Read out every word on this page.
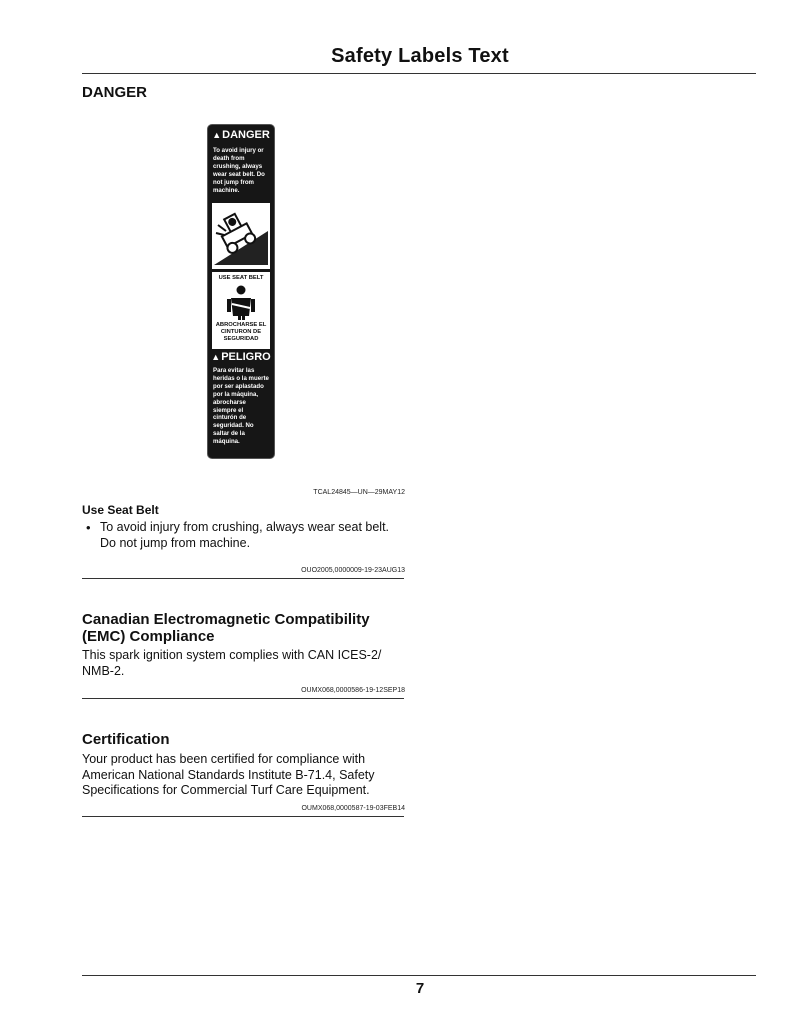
Safety Labels Text
DANGER
▲DANGER
To avoid injury or death from crushing, always wear seat belt. Do not jump from machine.
USE SEAT BELT
ABROCHARSE EL CINTURON DE SEGURIDAD
▲PELIGRO
Para evitar las heridas o la muerte por ser aplastado por la máquina, abrocharse siempre el cinturón de seguridad. No saltar de la máquina.
TCAL24845—UN—29MAY12
Use Seat Belt
• To avoid injury from crushing, always wear seat belt. Do not jump from machine.
OUO2005,0000009-19-23AUG13
Canadian Electromagnetic Compatibility (EMC) Compliance
This spark ignition system complies with CAN ICES-2/ NMB-2.
OUMX068,0000586-19-12SEP18
Certification
Your product has been certified for compliance with American National Standards Institute B-71.4, Safety Specifications for Commercial Turf Care Equipment.
OUMX068,0000587-19-03FEB14
7
